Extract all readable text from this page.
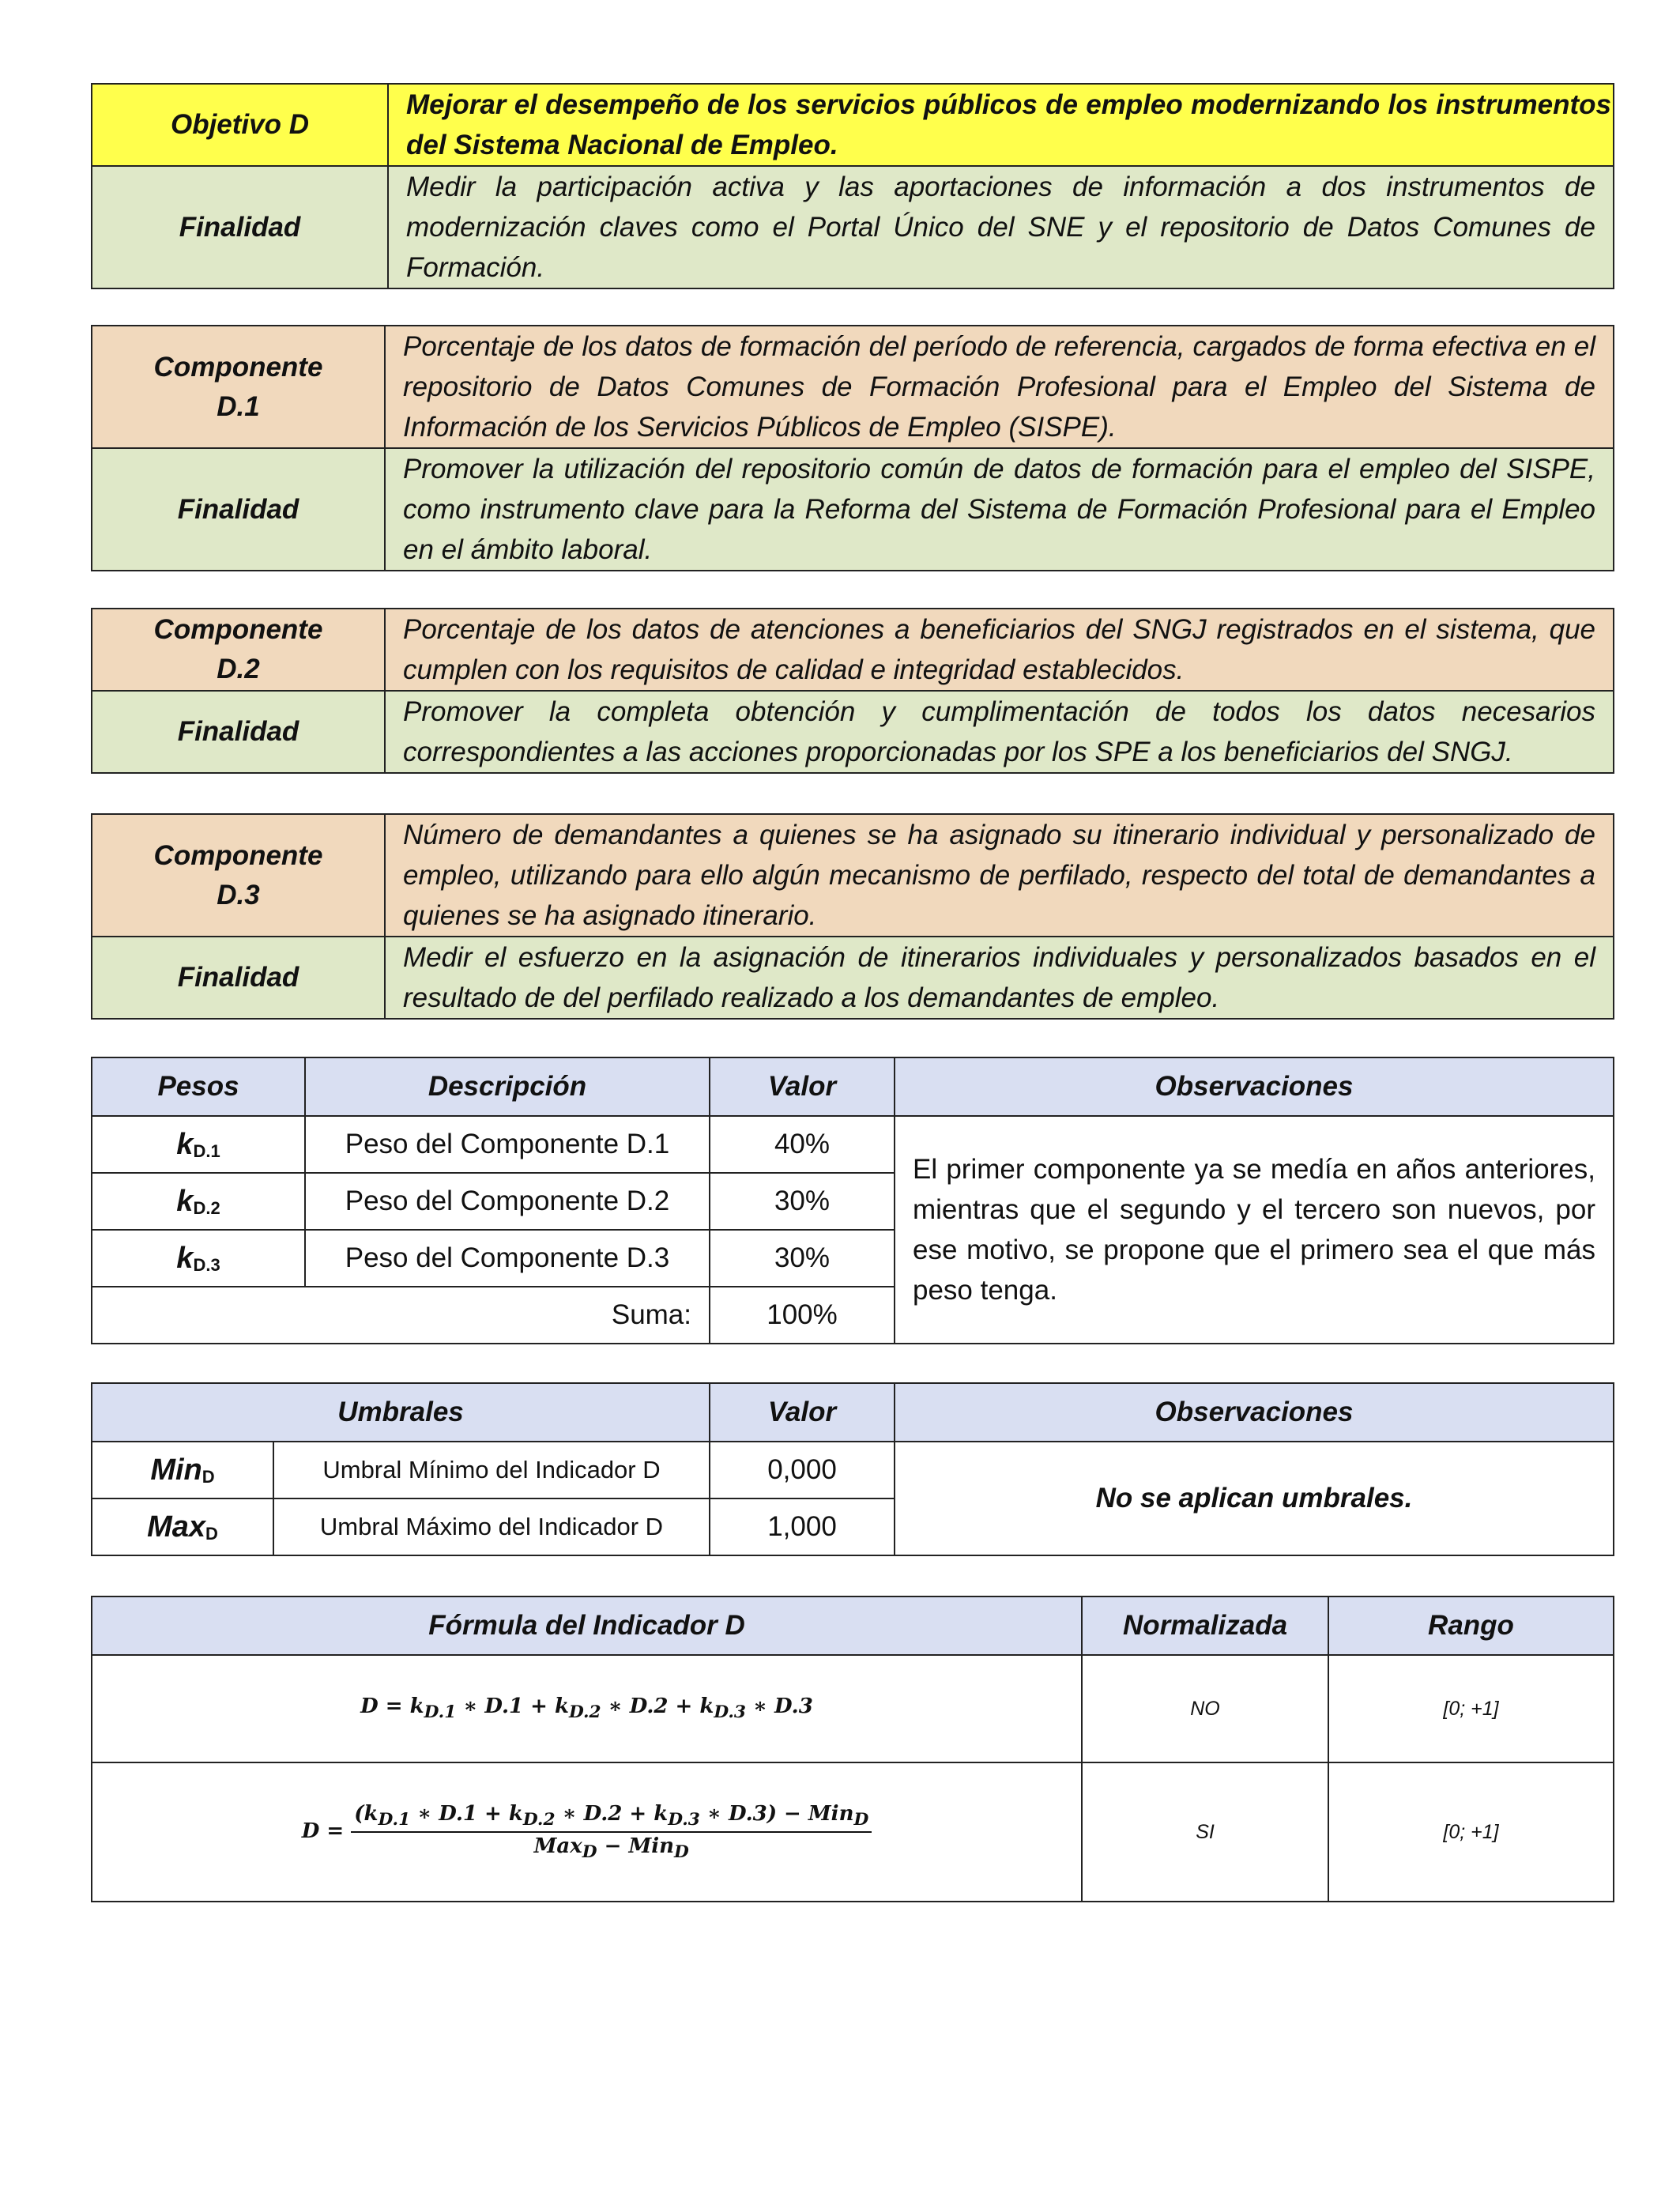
Objetivo D	Mejorar el desempeño de los servicios públicos de empleo modernizando los instrumentos del Sistema Nacional de Empleo.
Finalidad	Medir la participación activa y las aportaciones de información a dos instrumentos de modernización claves como el Portal Único del SNE y el repositorio de Datos Comunes de Formación.
Componente D.1	Porcentaje de los datos de formación del período de referencia, cargados de forma efectiva en el repositorio de Datos Comunes de Formación Profesional para el Empleo del Sistema de Información de los Servicios Públicos de Empleo (SISPE).
Finalidad	Promover la utilización del repositorio común de datos de formación para el empleo del SISPE, como instrumento clave para la Reforma del Sistema de Formación Profesional para el Empleo en el ámbito laboral.
Componente D.2	Porcentaje de los datos de atenciones a beneficiarios del SNGJ registrados en el sistema, que cumplen con los requisitos de calidad e integridad establecidos.
Finalidad	Promover la completa obtención y cumplimentación de todos los datos necesarios correspondientes a las acciones proporcionadas por los SPE a los beneficiarios del SNGJ.
Componente D.3	Número de demandantes a quienes se ha asignado su itinerario individual y personalizado de empleo, utilizando para ello algún mecanismo de perfilado, respecto del total de demandantes a quienes se ha asignado itinerario.
Finalidad	Medir el esfuerzo en la asignación de itinerarios individuales y personalizados basados en el resultado de del perfilado realizado a los demandantes de empleo.
Pesos	Descripción	Valor	Observaciones
$k_{D.1}$	Peso del Componente D.1	40%	El primer componente ya se medía en años anteriores, mientras que el segundo y el tercero son nuevos, por ese motivo, se propone que el primero sea el que más peso tenga.
$k_{D.2}$	Peso del Componente D.2	30%	
$k_{D.3}$	Peso del Componente D.3	30%	
Suma:		100%	
Umbrales		Valor	Observaciones
Min$_D$	Umbral Mínimo del Indicador D	0,000	No se aplican umbrales.
Max$_D$	Umbral Máximo del Indicador D	1,000	
Fórmula del Indicador D	Normalizada	Rango
$D = k_{D.1}$ ∗ $D.1 + k_{D.2}$ ∗ $D.2 + k_{D.3}$ ∗ D.3	NO	[0; +1]
$D = \frac{(k_{D.1} ∗ D.1 + k_{D.2} ∗ D.2 + k_{D.3} ∗ D.3) - Min_D}{Max_D - Min_D}$	SI	[0; +1]
